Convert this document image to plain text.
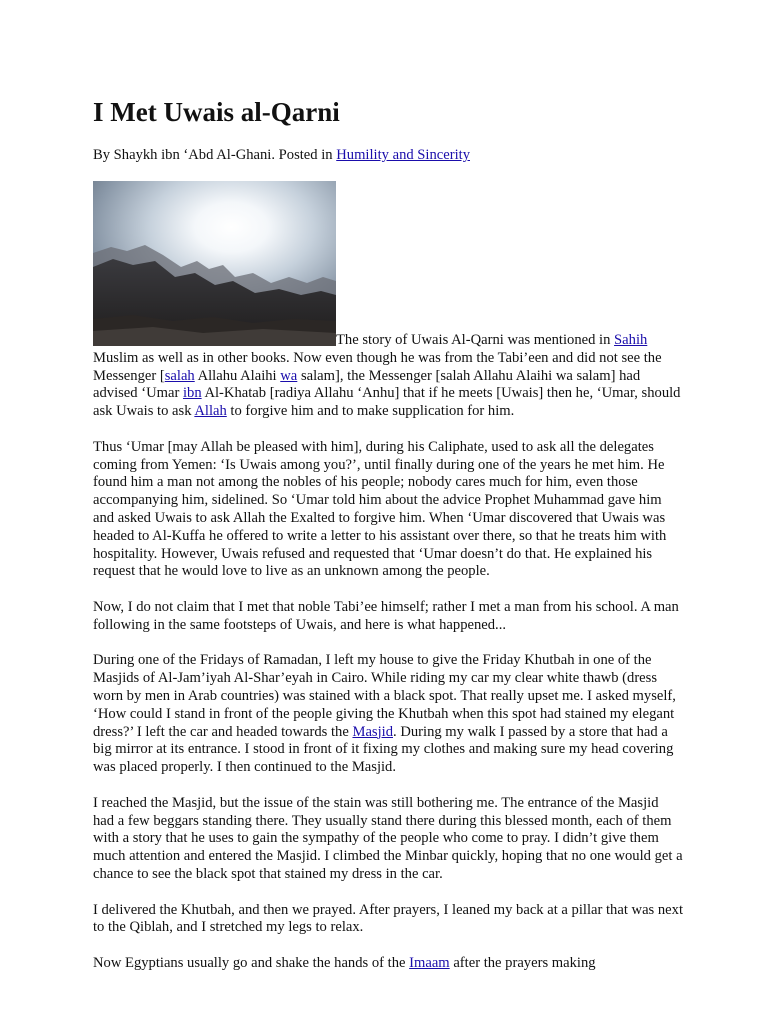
I Met Uwais al-Qarni
By Shaykh ibn ‘Abd Al-Ghani. Posted in Humility and Sincerity

The story of Uwais Al-Qarni was mentioned in Sahih Muslim as well as in other books. Now even though he was from the Tabi’een and did not see the Messenger [salah Allahu Alaihi wa salam], the Messenger [salah Allahu Alaihi wa salam] had advised ‘Umar ibn Al-Khatab [radiya Allahu ‘Anhu] that if he meets [Uwais] then he, ‘Umar, should ask Uwais to ask Allah to forgive him and to make supplication for him.

Thus ‘Umar [may Allah be pleased with him], during his Caliphate, used to ask all the delegates coming from Yemen: ‘Is Uwais among you?’, until finally during one of the years he met him. He found him a man not among the nobles of his people; nobody cares much for him, even those accompanying him, sidelined. So ‘Umar told him about the advice Prophet Muhammad gave him and asked Uwais to ask Allah the Exalted to forgive him. When ‘Umar discovered that Uwais was headed to Al-Kuffa he offered to write a letter to his assistant over there, so that he treats him with hospitality. However, Uwais refused and requested that ‘Umar doesn’t do that. He explained his request that he would love to live as an unknown among the people.

Now, I do not claim that I met that noble Tabi’ee himself; rather I met a man from his school. A man following in the same footsteps of Uwais, and here is what happened...

During one of the Fridays of Ramadan, I left my house to give the Friday Khutbah in one of the Masjids of Al-Jam’iyah Al-Shar’eyah in Cairo. While riding my car my clear white thawb (dress worn by men in Arab countries) was stained with a black spot. That really upset me. I asked myself, ‘How could I stand in front of the people giving the Khutbah when this spot had stained my elegant dress?’ I left the car and headed towards the Masjid. During my walk I passed by a store that had a big mirror at its entrance. I stood in front of it fixing my clothes and making sure my head covering was placed properly. I then continued to the Masjid.

I reached the Masjid, but the issue of the stain was still bothering me. The entrance of the Masjid had a few beggars standing there. They usually stand there during this blessed month, each of them with a story that he uses to gain the sympathy of the people who come to pray. I didn’t give them much attention and entered the Masjid. I climbed the Minbar quickly, hoping that no one would get a chance to see the black spot that stained my dress in the car.

I delivered the Khutbah, and then we prayed. After prayers, I leaned my back at a pillar that was next to the Qiblah, and I stretched my legs to relax.

Now Egyptians usually go and shake the hands of the Imaam after the prayers making
